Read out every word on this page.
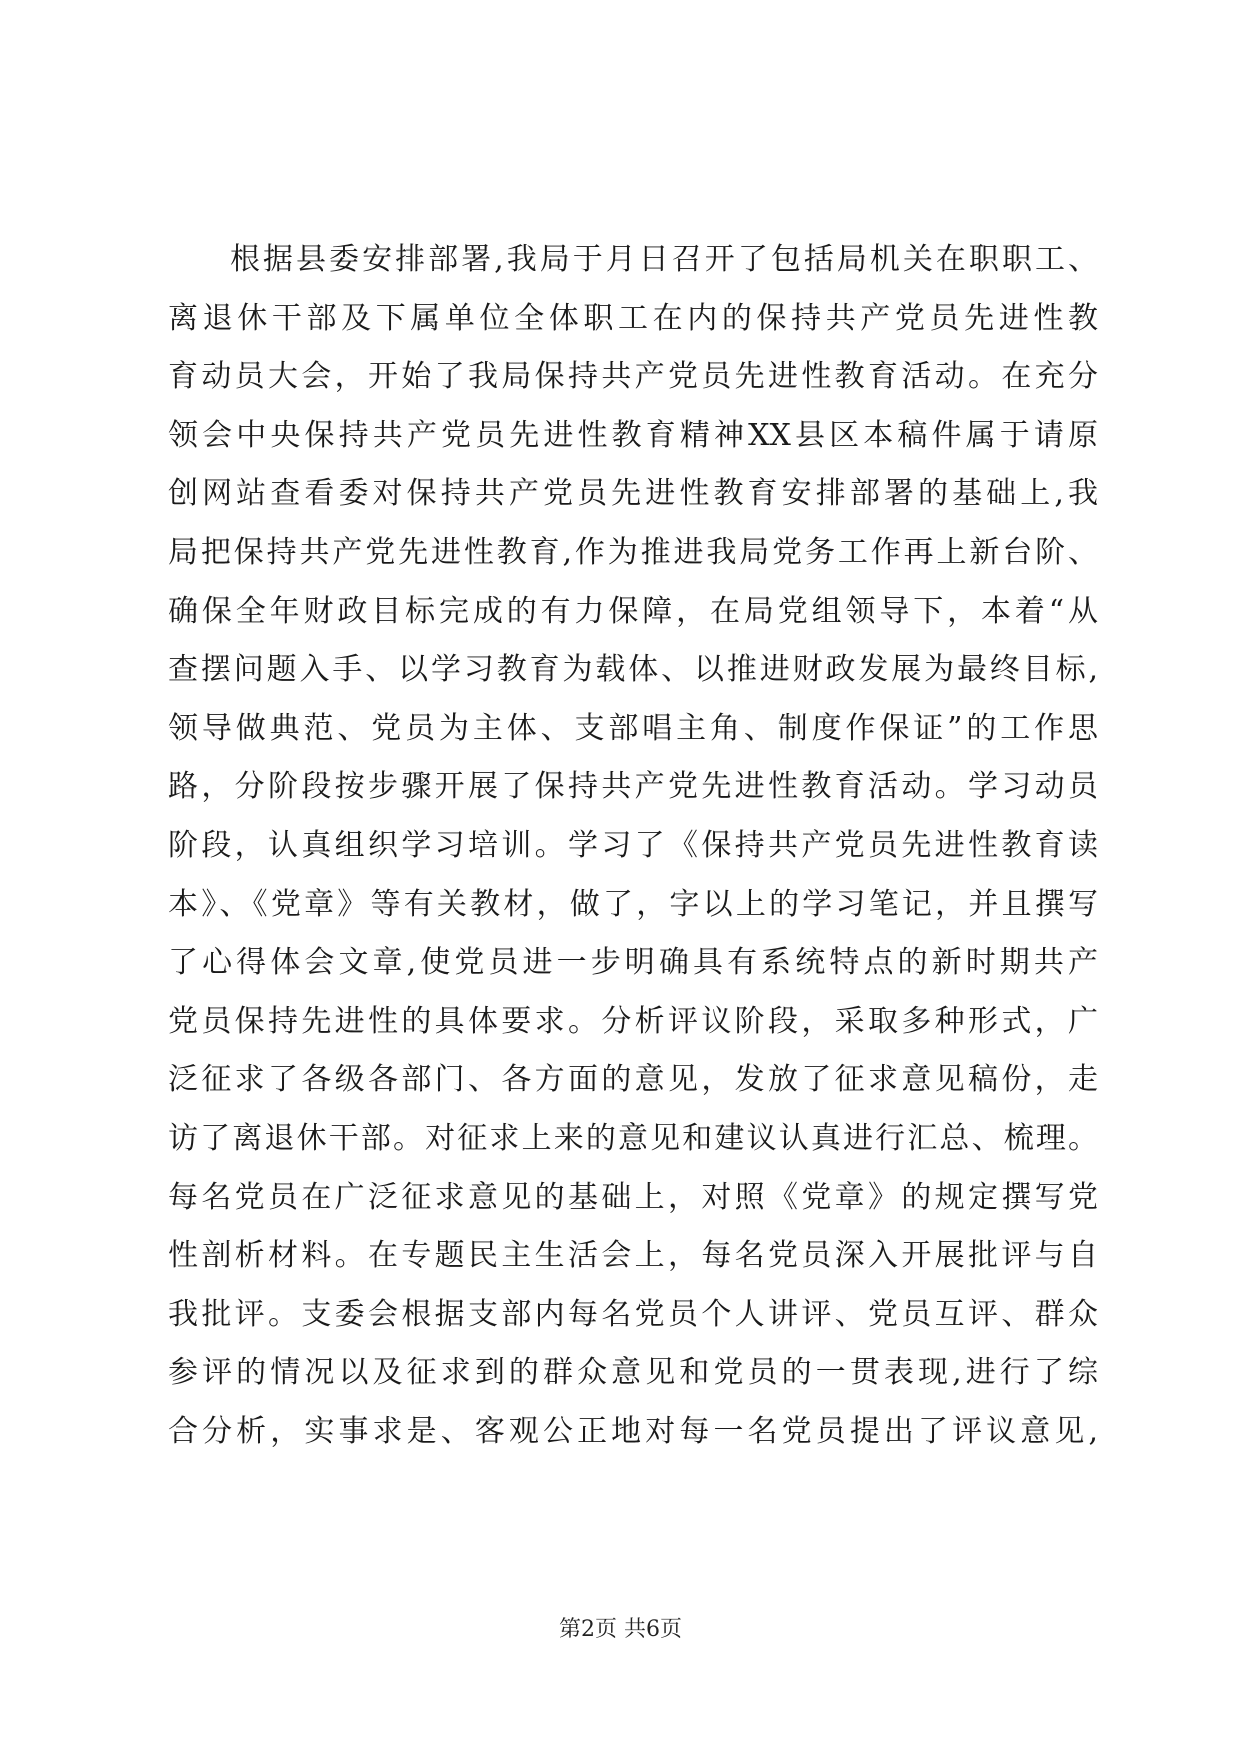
根据县委安排部署,我局于月日召开了包括局机关在职职工、
离退休干部及下属单位全体职工在内的保持共产党员先进性教
育动员大会，开始了我局保持共产党员先进性教育活动。在充分
领会中央保持共产党员先进性教育精神XX县区本稿件属于请原
创网站查看委对保持共产党员先进性教育安排部署的基础上,我
局把保持共产党先进性教育,作为推进我局党务工作再上新台阶、
确保全年财政目标完成的有力保障，在局党组领导下，本着“从
查摆问题入手、以学习教育为载体、以推进财政发展为最终目标,
领导做典范、党员为主体、支部唱主角、制度作保证”的工作思
路，分阶段按步骤开展了保持共产党先进性教育活动。学习动员
阶段，认真组织学习培训。学习了《保持共产党员先进性教育读
本》、《党章》等有关教材，做了，字以上的学习笔记，并且撰写
了心得体会文章,使党员进一步明确具有系统特点的新时期共产
党员保持先进性的具体要求。分析评议阶段，采取多种形式，广
泛征求了各级各部门、各方面的意见，发放了征求意见稿份，走
访了离退休干部。对征求上来的意见和建议认真进行汇总、梳理。
每名党员在广泛征求意见的基础上，对照《党章》的规定撰写党
性剖析材料。在专题民主生活会上，每名党员深入开展批评与自
我批评。支委会根据支部内每名党员个人讲评、党员互评、群众
参评的情况以及征求到的群众意见和党员的一贯表现,进行了综
合分析，实事求是、客观公正地对每一名党员提出了评议意见,
第2页 共6页
